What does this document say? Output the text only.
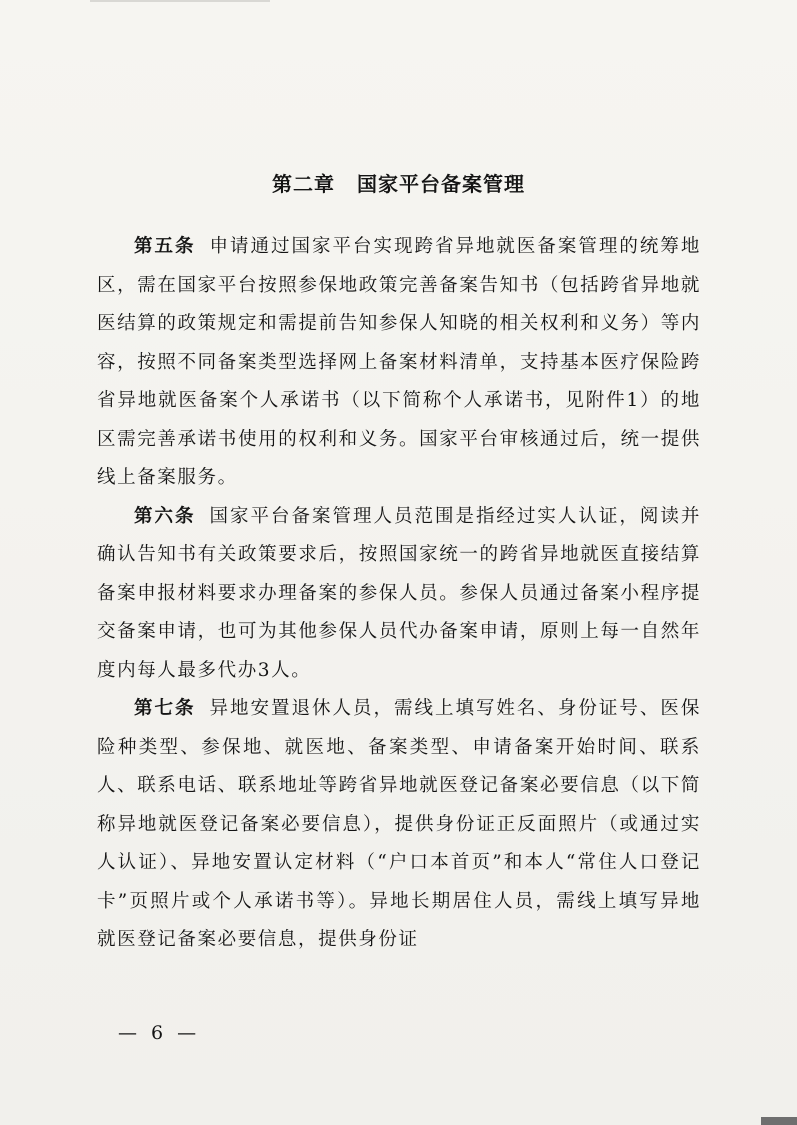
第二章 国家平台备案管理

第五条 申请通过国家平台实现跨省异地就医备案管理的统筹地区，需在国家平台按照参保地政策完善备案告知书（包括跨省异地就医结算的政策规定和需提前告知参保人知晓的相关权利和义务）等内容，按照不同备案类型选择网上备案材料清单，支持基本医疗保险跨省异地就医备案个人承诺书（以下简称个人承诺书，见附件1）的地区需完善承诺书使用的权利和义务。国家平台审核通过后，统一提供线上备案服务。

第六条 国家平台备案管理人员范围是指经过实人认证，阅读并确认告知书有关政策要求后，按照国家统一的跨省异地就医直接结算备案申报材料要求办理备案的参保人员。参保人员通过备案小程序提交备案申请，也可为其他参保人员代办备案申请，原则上每一自然年度内每人最多代办3人。

第七条 异地安置退休人员，需线上填写姓名、身份证号、医保险种类型、参保地、就医地、备案类型、申请备案开始时间、联系人、联系电话、联系地址等跨省异地就医登记备案必要信息（以下简称异地就医登记备案必要信息），提供身份证正反面照片（或通过实人认证）、异地安置认定材料（“户口本首页”和本人“常住人口登记卡”页照片或个人承诺书等）。异地长期居住人员，需线上填写异地就医登记备案必要信息，提供身份证

— 6 —
